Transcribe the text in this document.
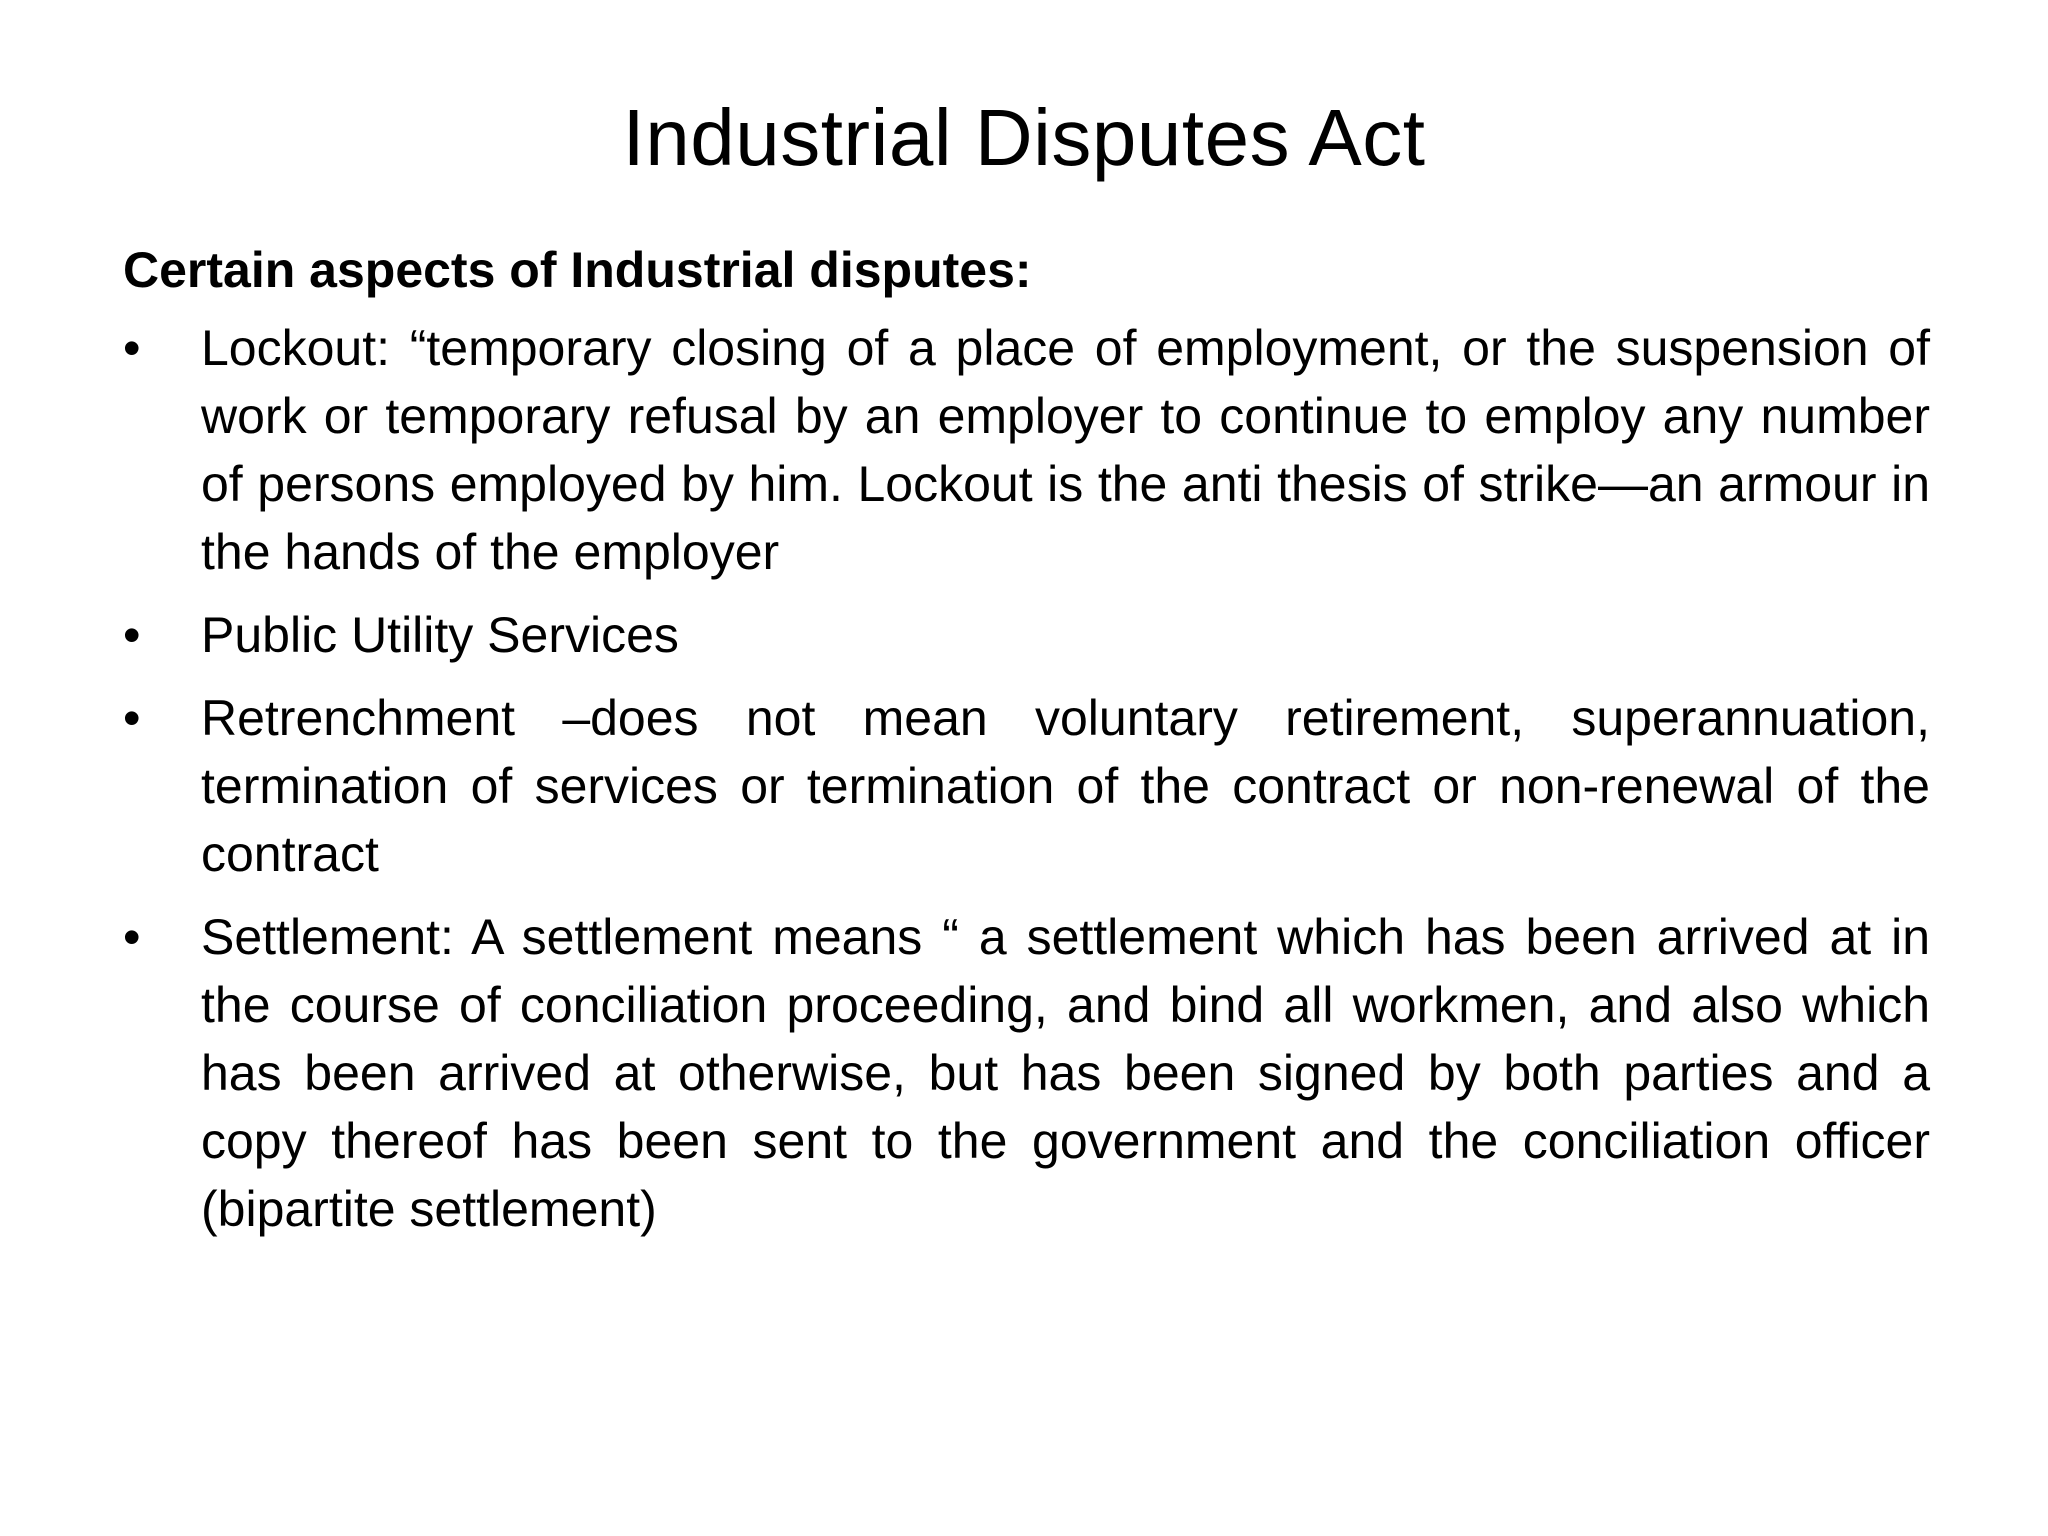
Industrial Disputes Act
Certain aspects of Industrial disputes:
•	Lockout: “temporary closing of a place of employment, or the suspension of work or temporary refusal by an employer to continue to employ any number of persons employed by him. Lockout is the anti thesis of strike—an armour in the hands of the employer
•	Public Utility Services
•	Retrenchment –does not mean voluntary retirement, superannuation, termination of services or termination of the contract or non-renewal of the contract
•	Settlement: A settlement means “ a settlement which has been arrived at in the course of conciliation proceeding, and bind all workmen, and also which has been arrived at otherwise, but has been signed by both parties and a copy thereof has been sent to the government and the conciliation officer (bipartite settlement)
